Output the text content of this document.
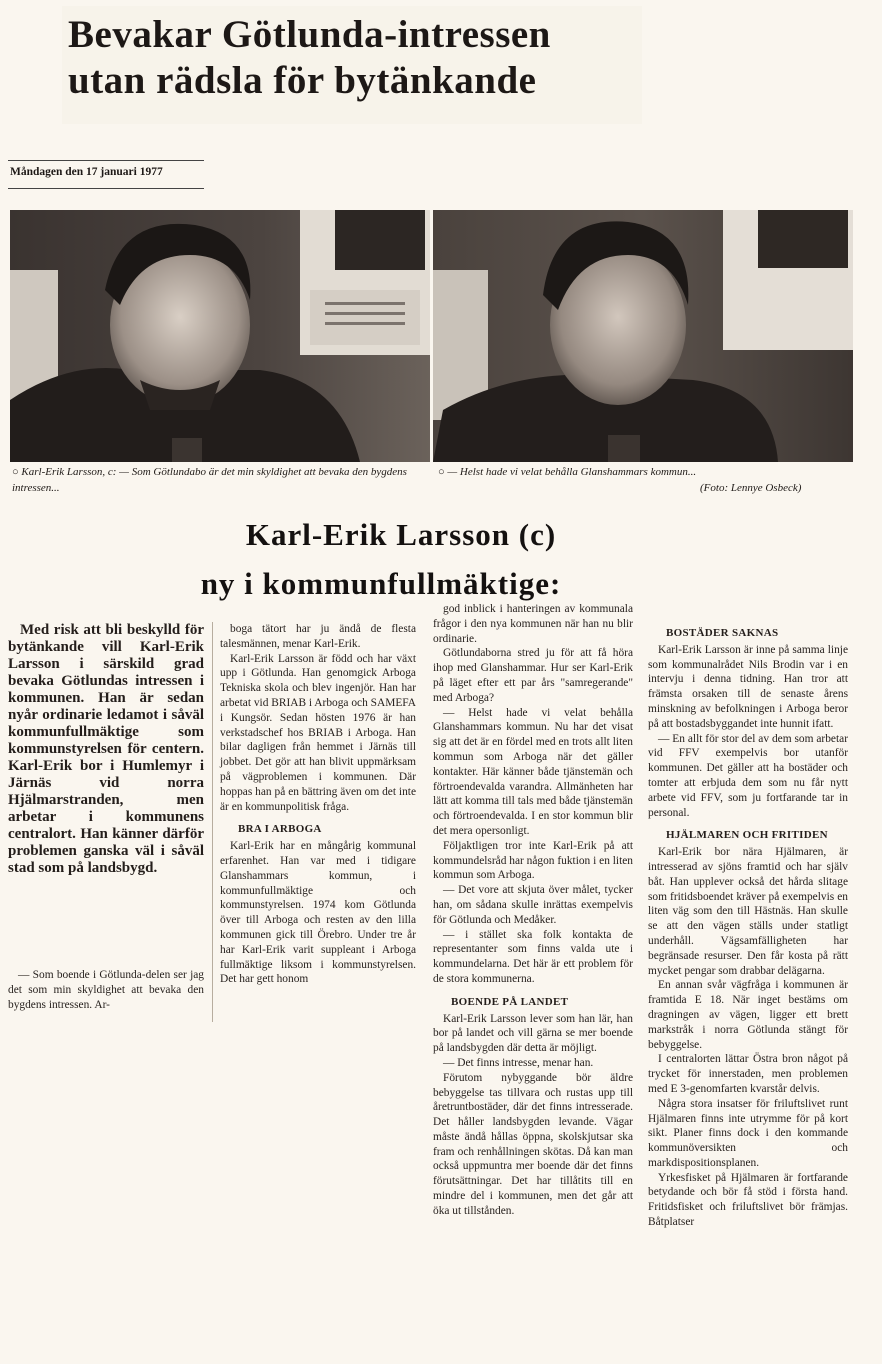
Bevakar Götlunda-intressen
utan rädsla för bytänkande
Måndagen den 17 januari 1977
○ Karl-Erik Larsson, c: — Som Götlundabo är det min skyldighet att bevaka den bygdens intressen...
○ — Helst hade vi velat behålla Glanshammars kommun...
(Foto: Lennye Osbeck)
Karl-Erik Larsson (c)
ny i kommunfullmäktige:

Med risk att bli beskylld för bytänkande vill Karl-Erik Larsson i särskild grad bevaka Götlundas intressen i kommunen. Han är sedan nyår ordinarie ledamot i såväl kommunfullmäktige som kommunstyrelsen för centern. Karl-Erik bor i Humlemyr i Järnäs vid norra Hjälmarstranden, men arbetar i kommunens centralort. Han känner därför problemen ganska väl i såväl stad som på landsbygd.

— Som boende i Götlunda-delen ser jag det som min skyldighet att bevaka den bygdens intressen. Ar-

boga tätort har ju ändå de flesta talesmännen, menar Karl-Erik.

Karl-Erik Larsson är född och har växt upp i Götlunda. Han genomgick Arboga Tekniska skola och blev ingenjör. Han har arbetat vid BRIAB i Arboga och SAMEFA i Kungsör. Sedan hösten 1976 är han verkstadschef hos BRIAB i Arboga. Han bilar dagligen från hemmet i Järnäs till jobbet. Det gör att han blivit uppmärksam på vägproblemen i kommunen. Där hoppas han på en bättring även om det inte är en kommunpolitisk fråga.

BRA I ARBOGA

Karl-Erik har en mångårig kommunal erfarenhet. Han var med i tidigare Glanshammars kommun, i kommunfullmäktige och kommunstyrelsen. 1974 kom Götlunda över till Arboga och resten av den lilla kommunen gick till Örebro. Under tre år har Karl-Erik varit suppleant i Arboga fullmäktige liksom i kommunstyrelsen. Det har gett honom

god inblick i hanteringen av kommunala frågor i den nya kommunen när han nu blir ordinarie.

Götlundaborna stred ju för att få höra ihop med Glanshammar. Hur ser Karl-Erik på läget efter ett par års "samregerande" med Arboga?

— Helst hade vi velat behålla Glanshammars kommun. Nu har det visat sig att det är en fördel med en trots allt liten kommun som Arboga när det gäller kontakter. Här känner både tjänstemän och förtroendevalda varandra. Allmänheten har lätt att komma till tals med både tjänstemän och förtroendevalda. I en stor kommun blir det mera opersonligt.

Följaktligen tror inte Karl-Erik på att kommundelsråd har någon fuktion i en liten kommun som Arboga.

— Det vore att skjuta över målet, tycker han, om sådana skulle inrättas exempelvis för Götlunda och Medåker.

— i stället ska folk kontakta de representanter som finns valda ute i kommundelarna. Det här är ett problem för de stora kommunerna.

BOENDE PÅ LANDET

Karl-Erik Larsson lever som han lär, han bor på landet och vill gärna se mer boende på landsbygden där detta är möjligt.

— Det finns intresse, menar han.

Förutom nybyggande bör äldre bebyggelse tas tillvara och rustas upp till åretruntbostäder, där det finns intresserade. Det håller landsbygden levande. Vägar måste ändå hållas öppna, skolskjutsar ska fram och renhållningen skötas. Då kan man också uppmuntra mer boende där det finns förutsättningar. Det har tillåtits till en mindre del i kommunen, men det går att öka ut tillstånden.

BOSTÄDER SAKNAS

Karl-Erik Larsson är inne på samma linje som kommunalrådet Nils Brodin var i en intervju i denna tidning. Han tror att främsta orsaken till de senaste årens minskning av befolkningen i Arboga beror på att bostadsbyggandet inte hunnit ifatt.

— En allt för stor del av dem som arbetar vid FFV exempelvis bor utanför kommunen. Det gäller att ha bostäder och tomter att erbjuda dem som nu får nytt arbete vid FFV, som ju fortfarande tar in personal.

HJÄLMAREN OCH FRITIDEN

Karl-Erik bor nära Hjälmaren, är intresserad av sjöns framtid och har själv båt. Han upplever också det hårda slitage som fritidsboendet kräver på exempelvis en liten väg som den till Hästnäs. Han skulle se att den vägen ställs under statligt underhåll. Vägsamfälligheten har begränsade resurser. Den får kosta på rätt mycket pengar som drabbar delägarna.

En annan svår vägfråga i kommunen är framtida E 18. När inget bestäms om dragningen av vägen, ligger ett brett markstråk i norra Götlunda stängt för bebyggelse.

I centralorten lättar Östra bron något på trycket för innerstaden, men problemen med E 3-genomfarten kvarstår delvis.

Några stora insatser för friluftslivet runt Hjälmaren finns inte utrymme för på kort sikt. Planer finns dock i den kommande kommunöversikten och markdispositionsplanen.

Yrkesfisket på Hjälmaren är fortfarande betydande och bör få stöd i första hand. Fritidsfisket och friluftslivet bör främjas. Båtplatser
